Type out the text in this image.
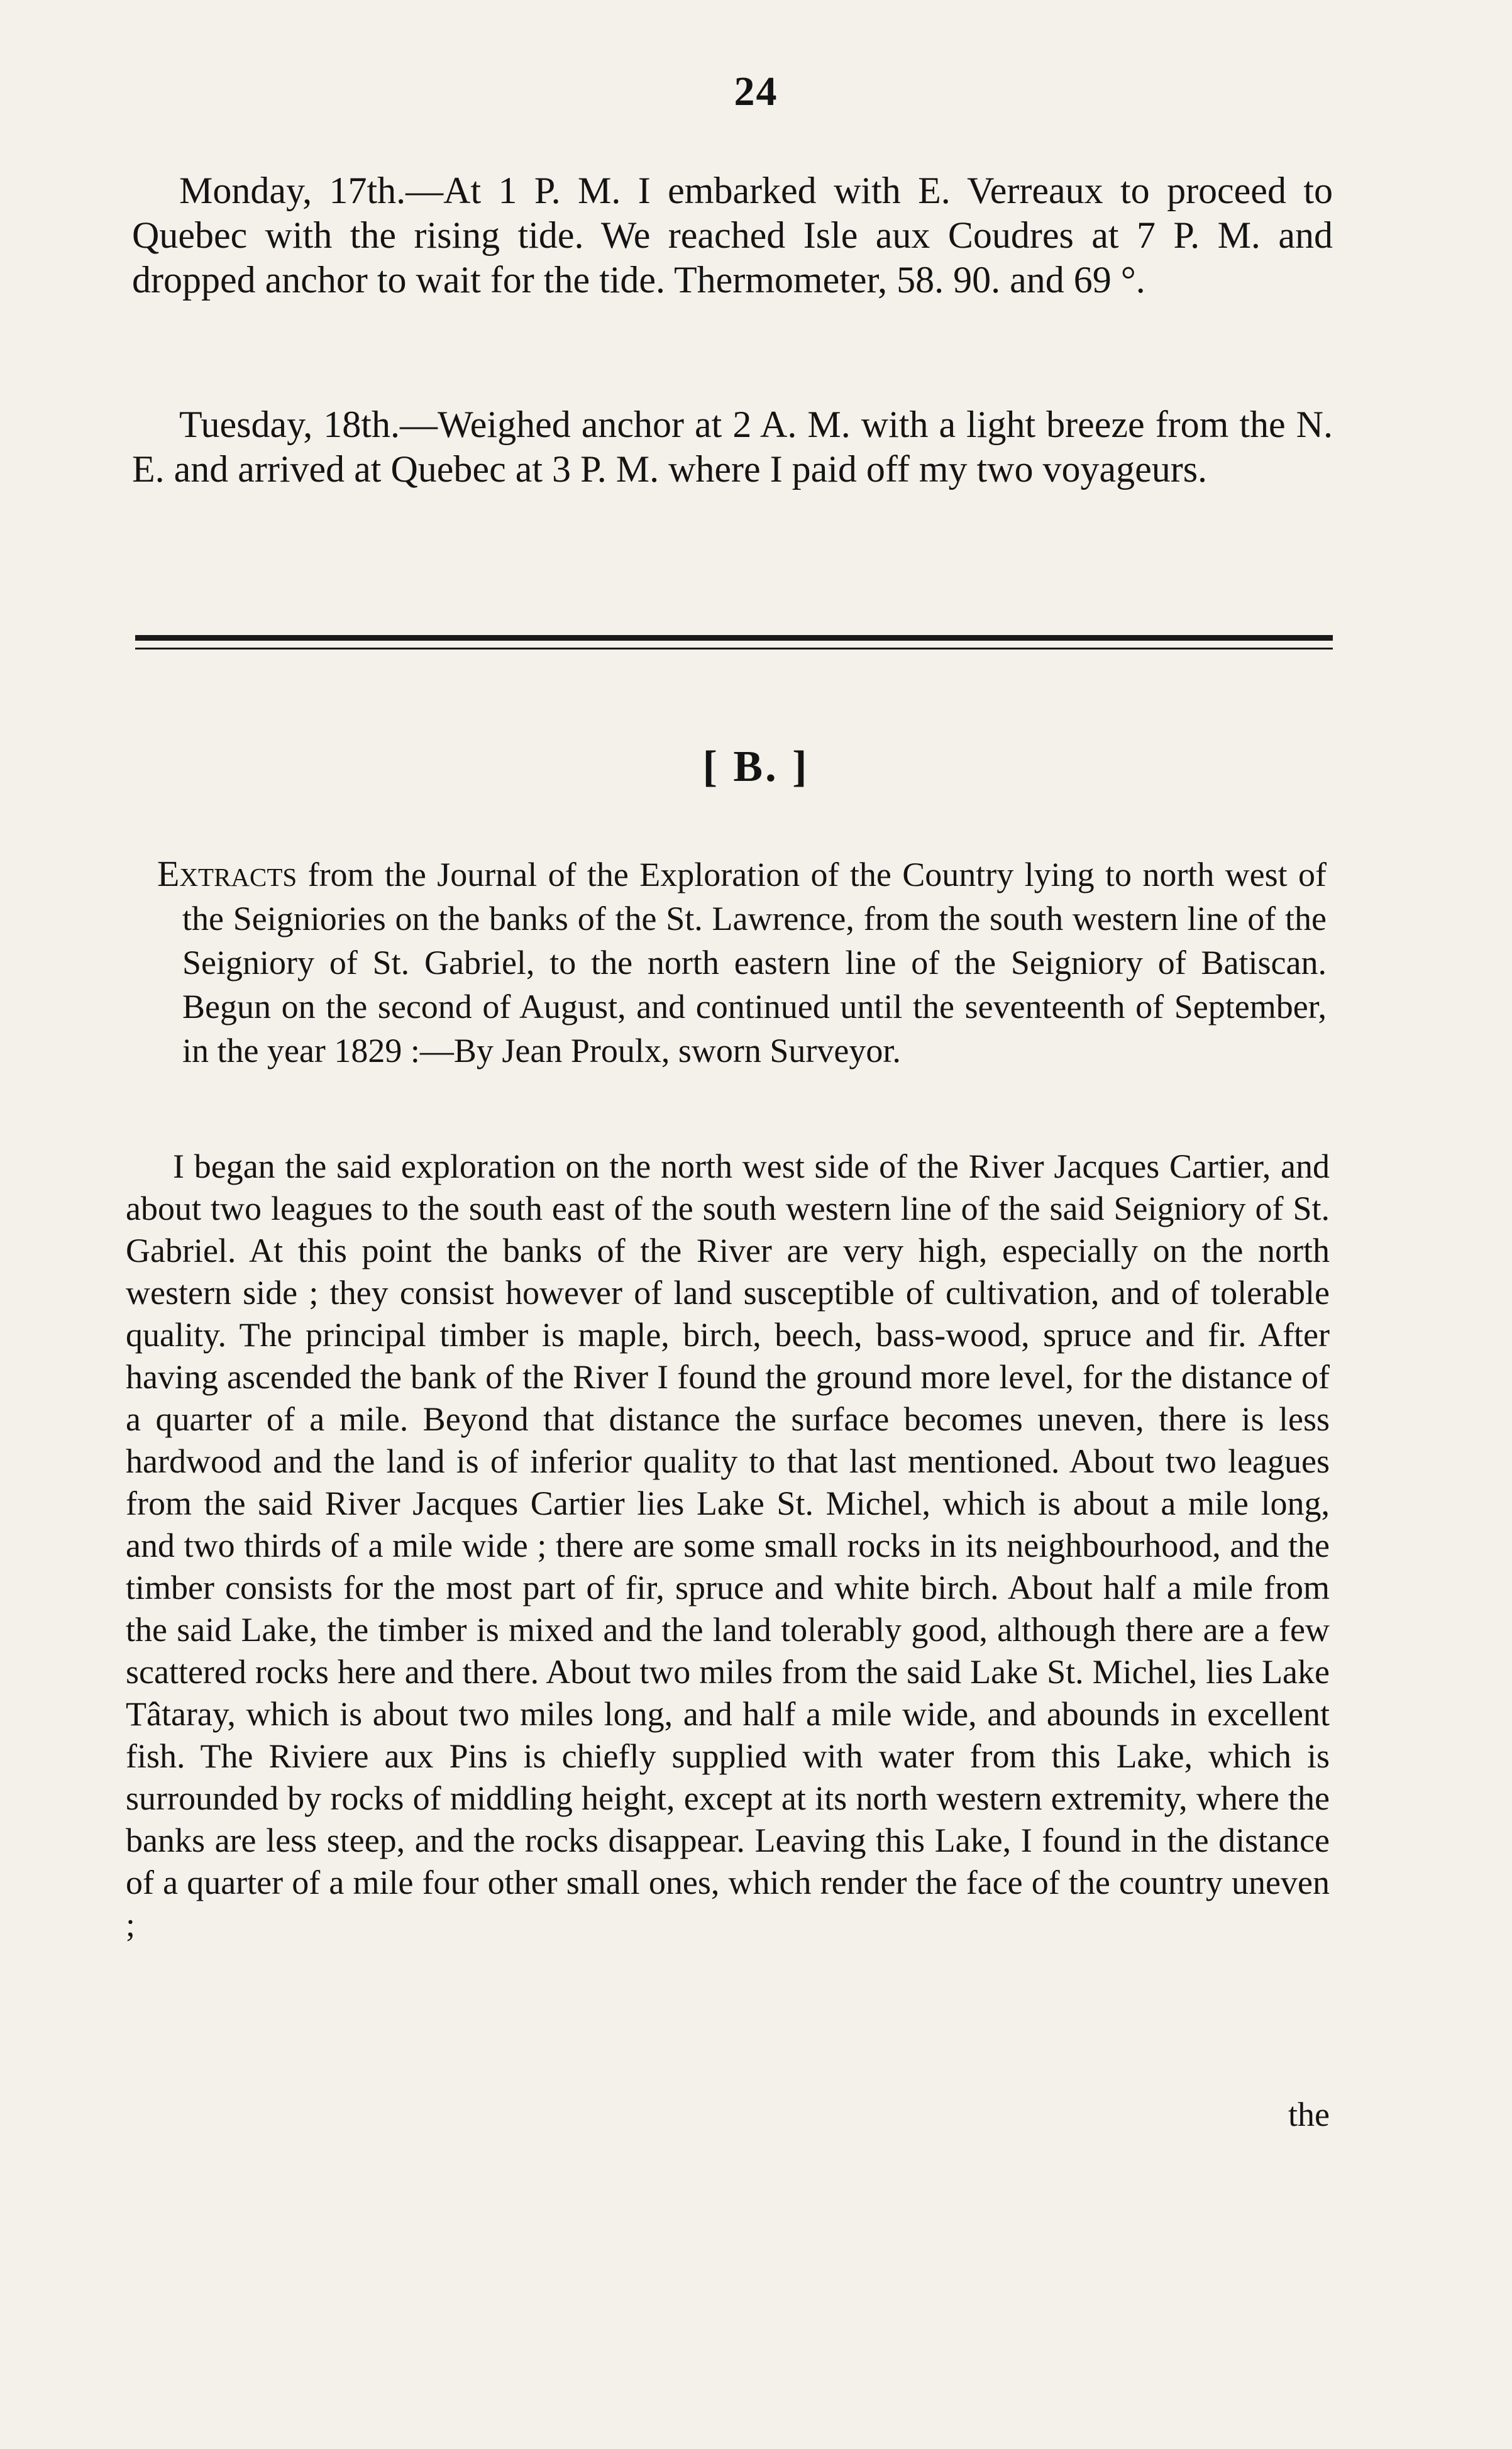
24

Monday, 17th.—At 1 P. M. I embarked with E. Verreaux to proceed to Quebec with the rising tide. We reached Isle aux Coudres at 7 P. M. and dropped anchor to wait for the tide. Thermometer, 58. 90. and 69 °.

Tuesday, 18th.—Weighed anchor at 2 A. M. with a light breeze from the N. E. and arrived at Quebec at 3 P. M. where I paid off my two voyageurs.

[ B. ]

Extracts from the Journal of the Exploration of the Country lying to north west of the Seigniories on the banks of the St. Lawrence, from the south western line of the Seigniory of St. Gabriel, to the north eastern line of the Seigniory of Batiscan. Begun on the second of August, and continued until the seventeenth of September, in the year 1829 :—By Jean Proulx, sworn Surveyor.

I began the said exploration on the north west side of the River Jacques Cartier, and about two leagues to the south east of the south western line of the said Seigniory of St. Gabriel. At this point the banks of the River are very high, especially on the north western side ; they consist however of land susceptible of cultivation, and of tolerable quality. The principal timber is maple, birch, beech, bass-wood, spruce and fir. After having ascended the bank of the River I found the ground more level, for the distance of a quarter of a mile. Beyond that distance the surface becomes uneven, there is less hardwood and the land is of inferior quality to that last mentioned. About two leagues from the said River Jacques Cartier lies Lake St. Michel, which is about a mile long, and two thirds of a mile wide ; there are some small rocks in its neighbourhood, and the timber consists for the most part of fir, spruce and white birch. About half a mile from the said Lake, the timber is mixed and the land tolerably good, although there are a few scattered rocks here and there. About two miles from the said Lake St. Michel, lies Lake Tâtaray, which is about two miles long, and half a mile wide, and abounds in excellent fish. The Riviere aux Pins is chiefly supplied with water from this Lake, which is surrounded by rocks of middling height, except at its north western extremity, where the banks are less steep, and the rocks disappear. Leaving this Lake, I found in the distance of a quarter of a mile four other small ones, which render the face of the country uneven ;

the
